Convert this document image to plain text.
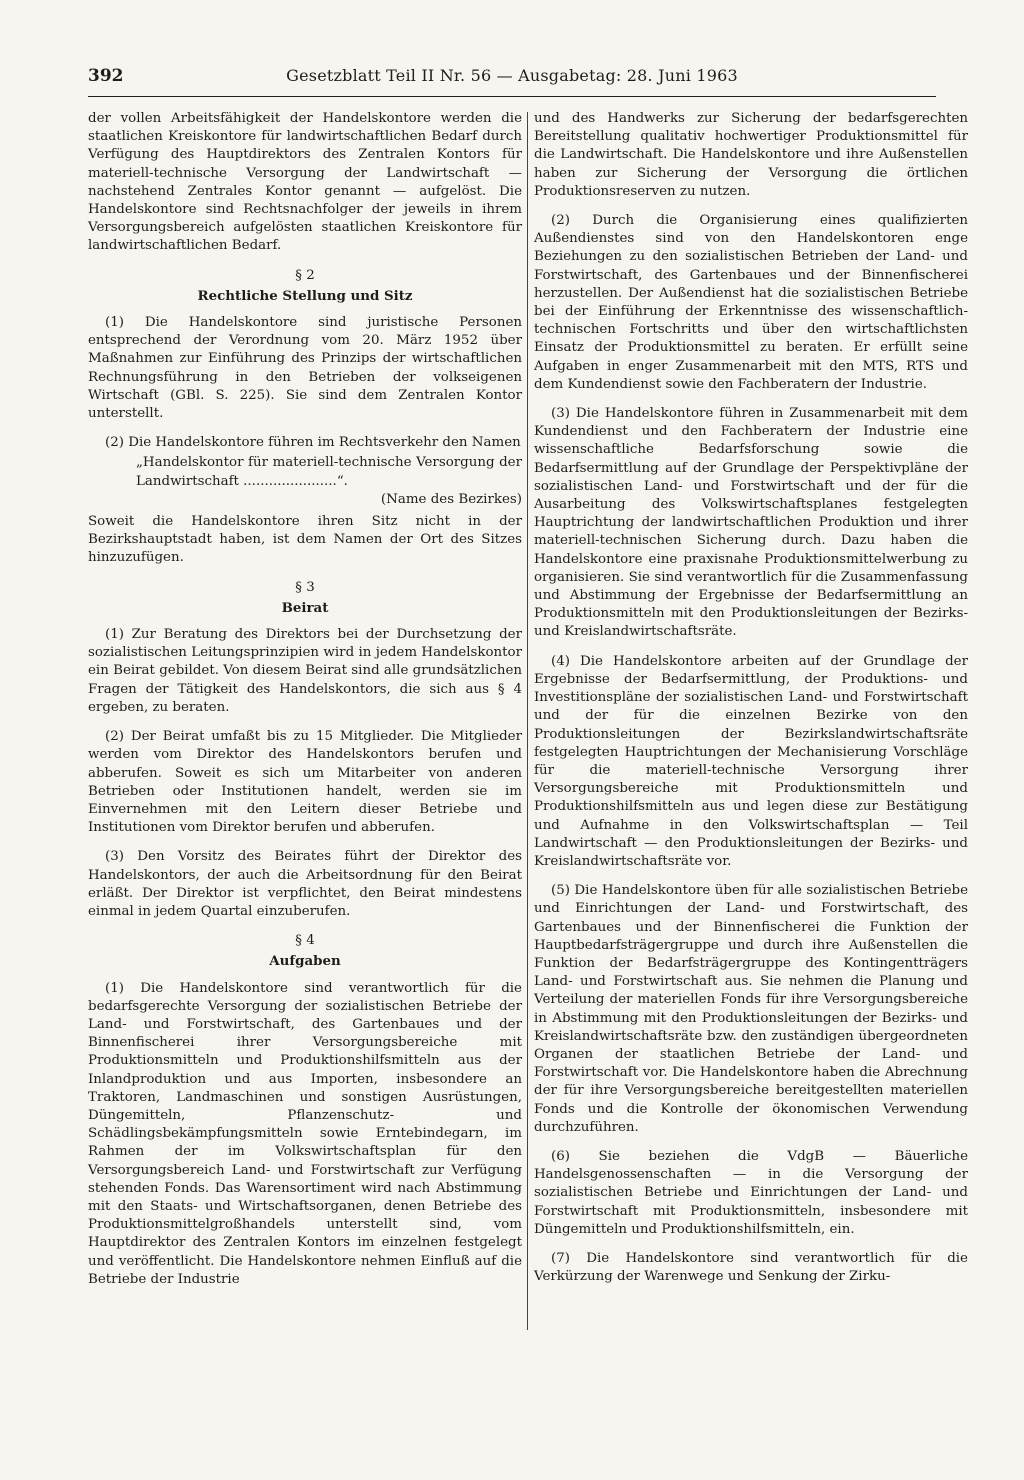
392	Gesetzblatt Teil II Nr. 56 — Ausgabetag: 28. Juni 1963

der vollen Arbeitsfähigkeit der Handelskontore werden die staatlichen Kreiskontore für landwirtschaftlichen Bedarf durch Verfügung des Hauptdirektors des Zentralen Kontors für materiell-technische Versorgung der Landwirtschaft — nachstehend Zentrales Kontor genannt — aufgelöst. Die Handelskontore sind Rechtsnachfolger der jeweils in ihrem Versorgungsbereich aufgelösten staatlichen Kreiskontore für landwirtschaftlichen Bedarf.

§ 2
Rechtliche Stellung und Sitz

(1) Die Handelskontore sind juristische Personen entsprechend der Verordnung vom 20. März 1952 über Maßnahmen zur Einführung des Prinzips der wirtschaftlichen Rechnungsführung in den Betrieben der volkseigenen Wirtschaft (GBl. S. 225). Sie sind dem Zentralen Kontor unterstellt.

(2) Die Handelskontore führen im Rechtsverkehr den Namen

„Handelskontor für materiell-technische Versorgung der Landwirtschaft ......................“.
(Name des Bezirkes)

Soweit die Handelskontore ihren Sitz nicht in der Bezirkshauptstadt haben, ist dem Namen der Ort des Sitzes hinzuzufügen.

§ 3
Beirat

(1) Zur Beratung des Direktors bei der Durchsetzung der sozialistischen Leitungsprinzipien wird in jedem Handelskontor ein Beirat gebildet. Von diesem Beirat sind alle grundsätzlichen Fragen der Tätigkeit des Handelskontors, die sich aus § 4 ergeben, zu beraten.

(2) Der Beirat umfaßt bis zu 15 Mitglieder. Die Mitglieder werden vom Direktor des Handelskontors berufen und abberufen. Soweit es sich um Mitarbeiter von anderen Betrieben oder Institutionen handelt, werden sie im Einvernehmen mit den Leitern dieser Betriebe und Institutionen vom Direktor berufen und abberufen.

(3) Den Vorsitz des Beirates führt der Direktor des Handelskontors, der auch die Arbeitsordnung für den Beirat erläßt. Der Direktor ist verpflichtet, den Beirat mindestens einmal in jedem Quartal einzuberufen.

§ 4
Aufgaben

(1) Die Handelskontore sind verantwortlich für die bedarfsgerechte Versorgung der sozialistischen Betriebe der Land- und Forstwirtschaft, des Gartenbaues und der Binnenfischerei ihrer Versorgungsbereiche mit Produktionsmitteln und Produktionshilfsmitteln aus der Inlandproduktion und aus Importen, insbesondere an Traktoren, Landmaschinen und sonstigen Ausrüstungen, Düngemitteln, Pflanzenschutz- und Schädlingsbekämpfungsmitteln sowie Erntebindegarn, im Rahmen der im Volkswirtschaftsplan für den Versorgungsbereich Land- und Forstwirtschaft zur Verfügung stehenden Fonds. Das Warensortiment wird nach Abstimmung mit den Staats- und Wirtschaftsorganen, denen Betriebe des Produktionsmittelgroßhandels unterstellt sind, vom Hauptdirektor des Zentralen Kontors im einzelnen festgelegt und veröffentlicht. Die Handelskontore nehmen Einfluß auf die Betriebe der Industrie

und des Handwerks zur Sicherung der bedarfsgerechten Bereitstellung qualitativ hochwertiger Produktionsmittel für die Landwirtschaft. Die Handelskontore und ihre Außenstellen haben zur Sicherung der Versorgung die örtlichen Produktionsreserven zu nutzen.

(2) Durch die Organisierung eines qualifizierten Außendienstes sind von den Handelskontoren enge Beziehungen zu den sozialistischen Betrieben der Land- und Forstwirtschaft, des Gartenbaues und der Binnenfischerei herzustellen. Der Außendienst hat die sozialistischen Betriebe bei der Einführung der Erkenntnisse des wissenschaftlich-technischen Fortschritts und über den wirtschaftlichsten Einsatz der Produktionsmittel zu beraten. Er erfüllt seine Aufgaben in enger Zusammenarbeit mit den MTS, RTS und dem Kundendienst sowie den Fachberatern der Industrie.

(3) Die Handelskontore führen in Zusammenarbeit mit dem Kundendienst und den Fachberatern der Industrie eine wissenschaftliche Bedarfsforschung sowie die Bedarfsermittlung auf der Grundlage der Perspektivpläne der sozialistischen Land- und Forstwirtschaft und der für die Ausarbeitung des Volkswirtschaftsplanes festgelegten Hauptrichtung der landwirtschaftlichen Produktion und ihrer materiell-technischen Sicherung durch. Dazu haben die Handelskontore eine praxisnahe Produktionsmittelwerbung zu organisieren. Sie sind verantwortlich für die Zusammenfassung und Abstimmung der Ergebnisse der Bedarfsermittlung an Produktionsmitteln mit den Produktionsleitungen der Bezirks- und Kreislandwirtschaftsräte.

(4) Die Handelskontore arbeiten auf der Grundlage der Ergebnisse der Bedarfsermittlung, der Produktions- und Investitionspläne der sozialistischen Land- und Forstwirtschaft und der für die einzelnen Bezirke von den Produktionsleitungen der Bezirkslandwirtschaftsräte festgelegten Hauptrichtungen der Mechanisierung Vorschläge für die materiell-technische Versorgung ihrer Versorgungsbereiche mit Produktionsmitteln und Produktionshilfsmitteln aus und legen diese zur Bestätigung und Aufnahme in den Volkswirtschaftsplan — Teil Landwirtschaft — den Produktionsleitungen der Bezirks- und Kreislandwirtschaftsräte vor.

(5) Die Handelskontore üben für alle sozialistischen Betriebe und Einrichtungen der Land- und Forstwirtschaft, des Gartenbaues und der Binnenfischerei die Funktion der Hauptbedarfsträgergruppe und durch ihre Außenstellen die Funktion der Bedarfsträgergruppe des Kontingentträgers Land- und Forstwirtschaft aus. Sie nehmen die Planung und Verteilung der materiellen Fonds für ihre Versorgungsbereiche in Abstimmung mit den Produktionsleitungen der Bezirks- und Kreislandwirtschaftsräte bzw. den zuständigen übergeordneten Organen der staatlichen Betriebe der Land- und Forstwirtschaft vor. Die Handelskontore haben die Abrechnung der für ihre Versorgungsbereiche bereitgestellten materiellen Fonds und die Kontrolle der ökonomischen Verwendung durchzuführen.

(6) Sie beziehen die VdgB — Bäuerliche Handelsgenossenschaften — in die Versorgung der sozialistischen Betriebe und Einrichtungen der Land- und Forstwirtschaft mit Produktionsmitteln, insbesondere mit Düngemitteln und Produktionshilfsmitteln, ein.

(7) Die Handelskontore sind verantwortlich für die Verkürzung der Warenwege und Senkung der Zirku-
